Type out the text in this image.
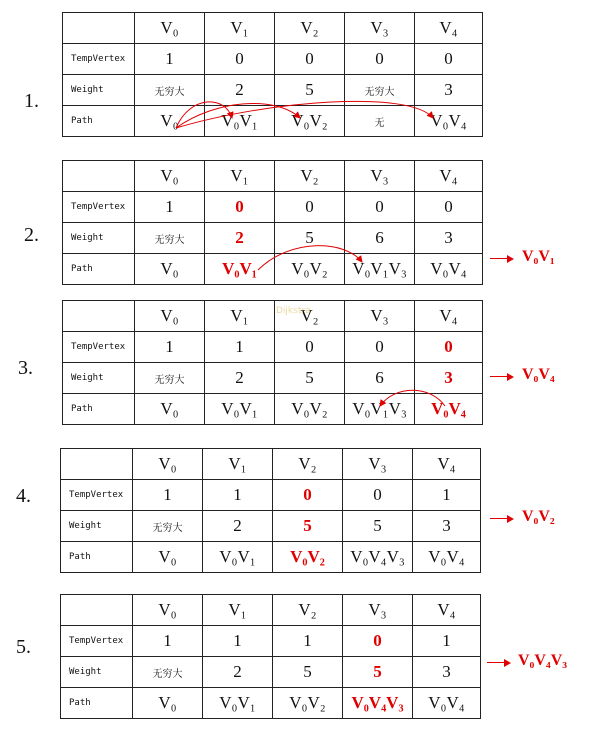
1.
	V₀	V₁	V₂	V₃	V₄
TempVertex	1	0	0	0	0
Weight	无穷大	2	5	无穷大	3
Path	V₀	V₀V₁	V₀V₂	无	V₀V₄
2.
	V₀	V₁	V₂	V₃	V₄
TempVertex	1	0	0	0	0
Weight	无穷大	2	5	6	3
Path	V₀	V₀V₁	V₀V₂	V₀V₁V₃	V₀V₄
V₀V₁
3.
	V₀	V₁	V₂	V₃	V₄
TempVertex	1	1	0	0	0
Weight	无穷大	2	5	6	3
Path	V₀	V₀V₁	V₀V₂	V₀V₁V₃	V₀V₄
V₀V₄
4.
	V₀	V₁	V₂	V₃	V₄
TempVertex	1	1	0	0	1
Weight	无穷大	2	5	5	3
Path	V₀	V₀V₁	V₀V₂	V₀V₄V₃	V₀V₄
V₀V₂
5.
	V₀	V₁	V₂	V₃	V₄
TempVertex	1	1	1	0	1
Weight	无穷大	2	5	5	3
Path	V₀	V₀V₁	V₀V₂	V₀V₄V₃	V₀V₄
V₀V₄V₃
Dijkstra
